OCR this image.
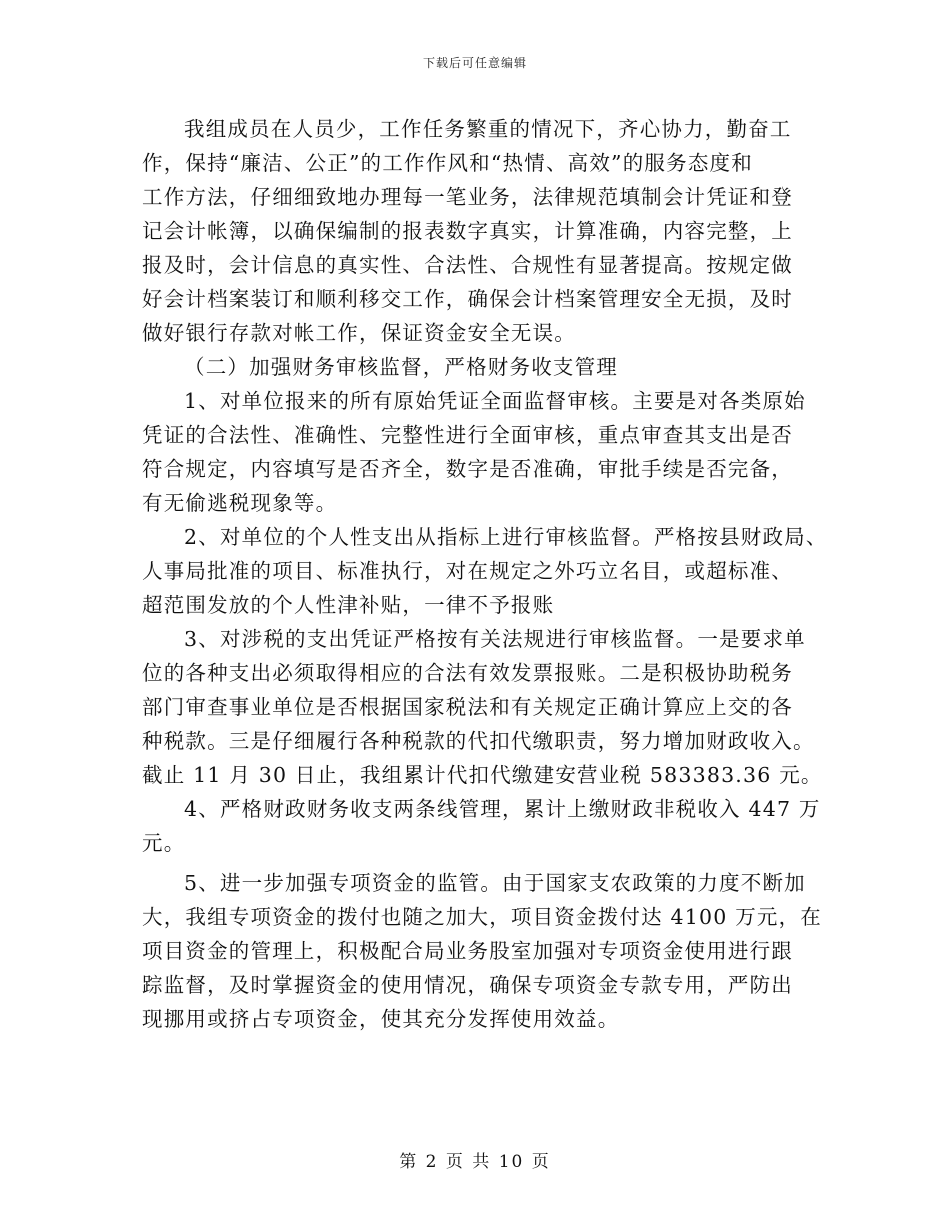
下载后可任意编辑
我组成员在人员少，工作任务繁重的情况下，齐心协力，勤奋工
作，保持“廉洁、公正”的工作作风和“热情、高效”的服务态度和
工作方法，仔细细致地办理每一笔业务，法律规范填制会计凭证和登
记会计帐簿，以确保编制的报表数字真实，计算准确，内容完整，上
报及时，会计信息的真实性、合法性、合规性有显著提高。按规定做
好会计档案装订和顺利移交工作，确保会计档案管理安全无损，及时
做好银行存款对帐工作，保证资金安全无误。
（二）加强财务审核监督，严格财务收支管理
1、对单位报来的所有原始凭证全面监督审核。主要是对各类原始
凭证的合法性、准确性、完整性进行全面审核，重点审查其支出是否
符合规定，内容填写是否齐全，数字是否准确，审批手续是否完备，
有无偷逃税现象等。
2、对单位的个人性支出从指标上进行审核监督。严格按县财政局、
人事局批准的项目、标准执行，对在规定之外巧立名目，或超标准、
超范围发放的个人性津补贴，一律不予报账
3、对涉税的支出凭证严格按有关法规进行审核监督。一是要求单
位的各种支出必须取得相应的合法有效发票报账。二是积极协助税务
部门审查事业单位是否根据国家税法和有关规定正确计算应上交的各
种税款。三是仔细履行各种税款的代扣代缴职责，努力增加财政收入。
截止 11 月 30 日止，我组累计代扣代缴建安营业税 583383.36 元。
4、严格财政财务收支两条线管理，累计上缴财政非税收入 447 万
元。
5、进一步加强专项资金的监管。由于国家支农政策的力度不断加
大，我组专项资金的拨付也随之加大，项目资金拨付达 4100 万元，在
项目资金的管理上，积极配合局业务股室加强对专项资金使用进行跟
踪监督，及时掌握资金的使用情况，确保专项资金专款专用，严防出
现挪用或挤占专项资金，使其充分发挥使用效益。
第 2 页 共 10 页
